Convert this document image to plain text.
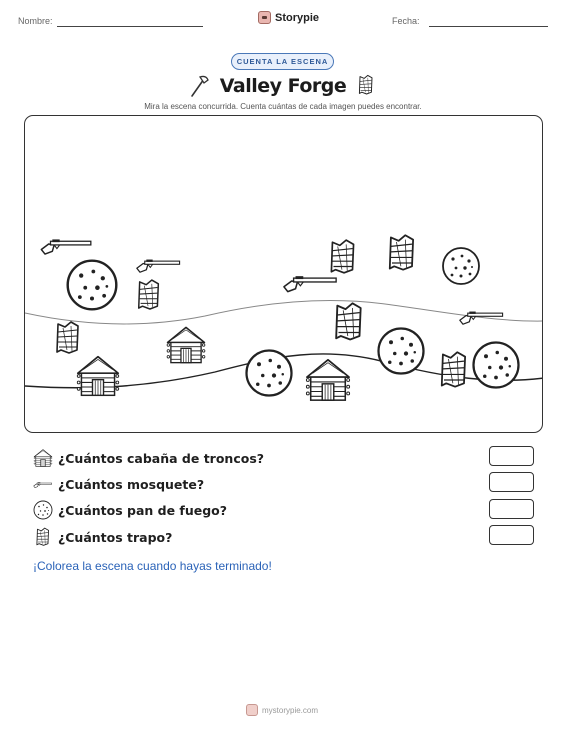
Nombre:	Storypie	Fecha:
CUENTA LA ESCENA
Valley Forge
Mira la escena concurrida. Cuenta cuántas de cada imagen puedes encontrar.
¿Cuántos cabaña de troncos?
¿Cuántos mosquete?
¿Cuántos pan de fuego?
¿Cuántos trapo?
¡Colorea la escena cuando hayas terminado!
mystorypie.com
